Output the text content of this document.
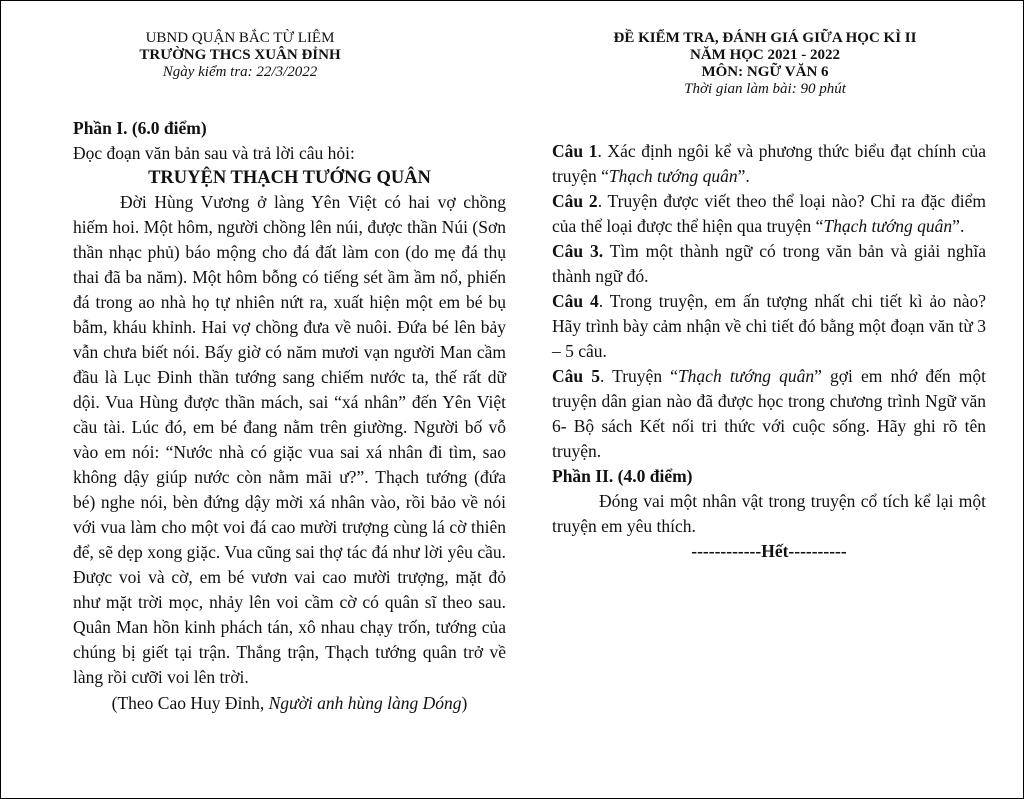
UBND QUẬN BẮC TỪ LIÊM
TRƯỜNG THCS XUÂN ĐỈNH
Ngày kiểm tra: 22/3/2022
ĐỀ KIỂM TRA, ĐÁNH GIÁ GIỮA HỌC KÌ II
NĂM HỌC 2021 - 2022
MÔN: NGỮ VĂN 6
Thời gian làm bài: 90 phút

Phần I. (6.0 điểm)

Đọc đoạn văn bản sau và trả lời câu hỏi:

TRUYỆN THẠCH TƯỚNG QUÂN

Đời Hùng Vương ở làng Yên Việt có hai vợ chồng hiếm hoi. Một hôm, người chồng lên núi, được thần Núi (Sơn thần nhạc phủ) báo mộng cho đá đất làm con (do mẹ đá thụ thai đã ba năm). Một hôm bỗng có tiếng sét ầm ầm nổ, phiến đá trong ao nhà họ tự nhiên nứt ra, xuất hiện một em bé bụ bẫm, kháu khỉnh. Hai vợ chồng đưa về nuôi. Đứa bé lên bảy vẫn chưa biết nói. Bấy giờ có năm mươi vạn người Man cầm đầu là Lục Đinh thần tướng sang chiếm nước ta, thế rất dữ dội. Vua Hùng được thần mách, sai “xá nhân” đến Yên Việt cầu tài. Lúc đó, em bé đang nằm trên giường. Người bố vỗ vào em nói: “Nước nhà có giặc vua sai xá nhân đi tìm, sao không dậy giúp nước còn nằm mãi ư?”. Thạch tướng (đứa bé) nghe nói, bèn đứng dậy mời xá nhân vào, rồi bảo về nói với vua làm cho một voi đá cao mười trượng cùng lá cờ thiên để, sẽ dẹp xong giặc. Vua cũng sai thợ tác đá như lời yêu cầu. Được voi và cờ, em bé vươn vai cao mười trượng, mặt đỏ như mặt trời mọc, nhảy lên voi cầm cờ có quân sĩ theo sau. Quân Man hồn kinh phách tán, xô nhau chạy trốn, tướng của chúng bị giết tại trận. Thắng trận, Thạch tướng quân trở về làng rồi cưỡi voi lên trời.

(Theo Cao Huy Đỉnh, Người anh hùng làng Dóng)

Câu 1. Xác định ngôi kể và phương thức biểu đạt chính của truyện “Thạch tướng quân”.

Câu 2. Truyện được viết theo thể loại nào? Chỉ ra đặc điểm của thể loại được thể hiện qua truyện “Thạch tướng quân”.

Câu 3. Tìm một thành ngữ có trong văn bản và giải nghĩa thành ngữ đó.

Câu 4. Trong truyện, em ấn tượng nhất chi tiết kì ảo nào? Hãy trình bày cảm nhận về chi tiết đó bằng một đoạn văn từ 3 – 5 câu.

Câu 5. Truyện “Thạch tướng quân” gợi em nhớ đến một truyện dân gian nào đã được học trong chương trình Ngữ văn 6- Bộ sách Kết nối tri thức với cuộc sống. Hãy ghi rõ tên truyện.

Phần II. (4.0 điểm)

Đóng vai một nhân vật trong truyện cổ tích kể lại một truyện em yêu thích.

------------Hết----------
